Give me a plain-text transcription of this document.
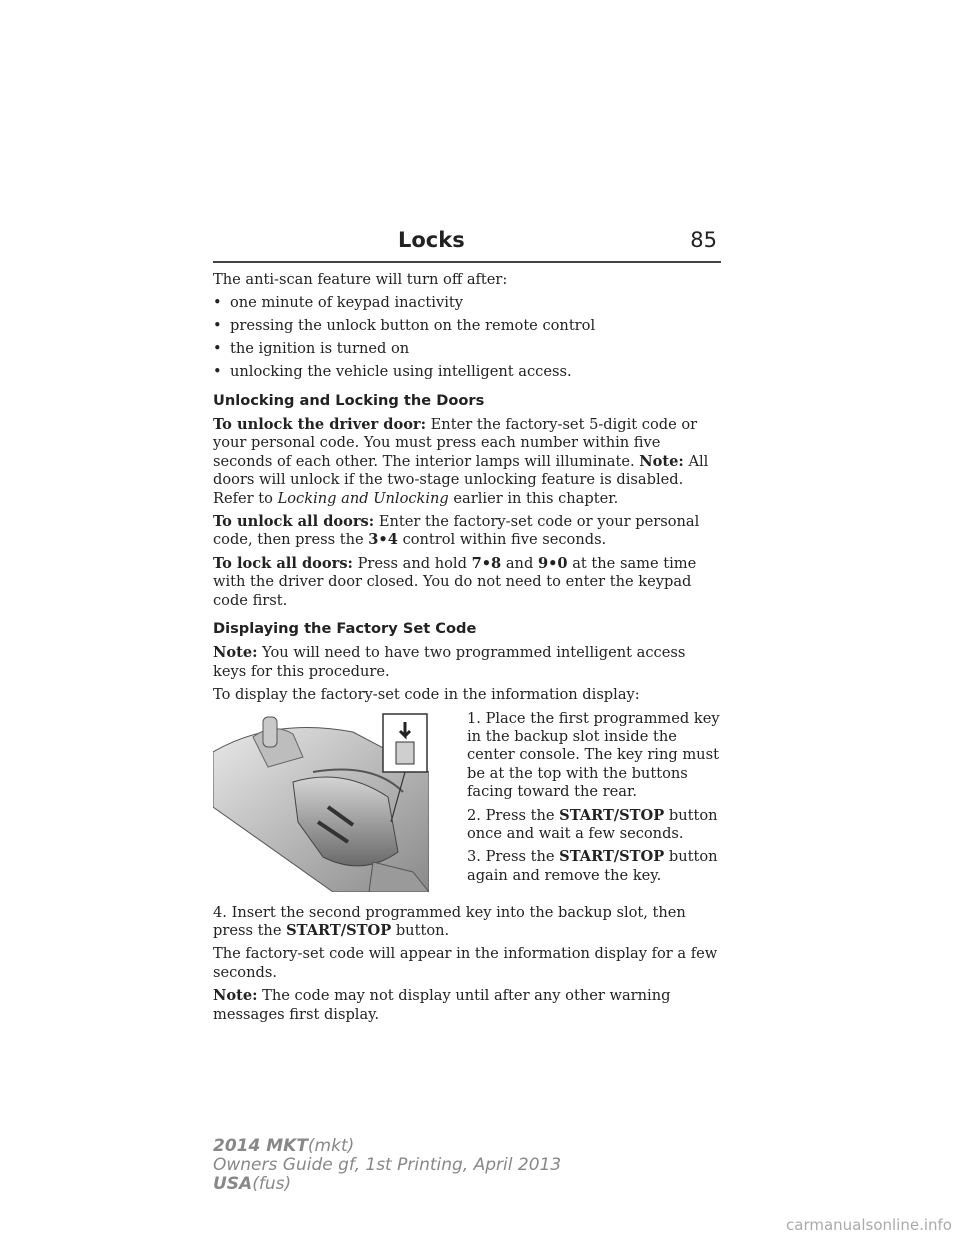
Locks	85

The anti-scan feature will turn off after:

• one minute of keypad inactivity
• pressing the unlock button on the remote control
• the ignition is turned on
• unlocking the vehicle using intelligent access.
Unlocking and Locking the Doors

To unlock the driver door: Enter the factory-set 5-digit code or your personal code. You must press each number within five seconds of each other. The interior lamps will illuminate. Note: All doors will unlock if the two-stage unlocking feature is disabled. Refer to Locking and Unlocking earlier in this chapter.

To unlock all doors: Enter the factory-set code or your personal code, then press the 3•4 control within five seconds.

To lock all doors: Press and hold 7•8 and 9•0 at the same time with the driver door closed. You do not need to enter the keypad code first.

Displaying the Factory Set Code

Note: You will need to have two programmed intelligent access keys for this procedure.

To display the factory-set code in the information display:

1. Place the first programmed key in the backup slot inside the center console. The key ring must be at the top with the buttons facing toward the rear.

2. Press the START/STOP button once and wait a few seconds.

3. Press the START/STOP button again and remove the key.

4. Insert the second programmed key into the backup slot, then press the START/STOP button.

The factory-set code will appear in the information display for a few seconds.

Note: The code may not display until after any other warning messages first display.

2014 MKT(mkt)
Owners Guide gf, 1st Printing, April 2013
USA(fus)
carmanualsonline.info
